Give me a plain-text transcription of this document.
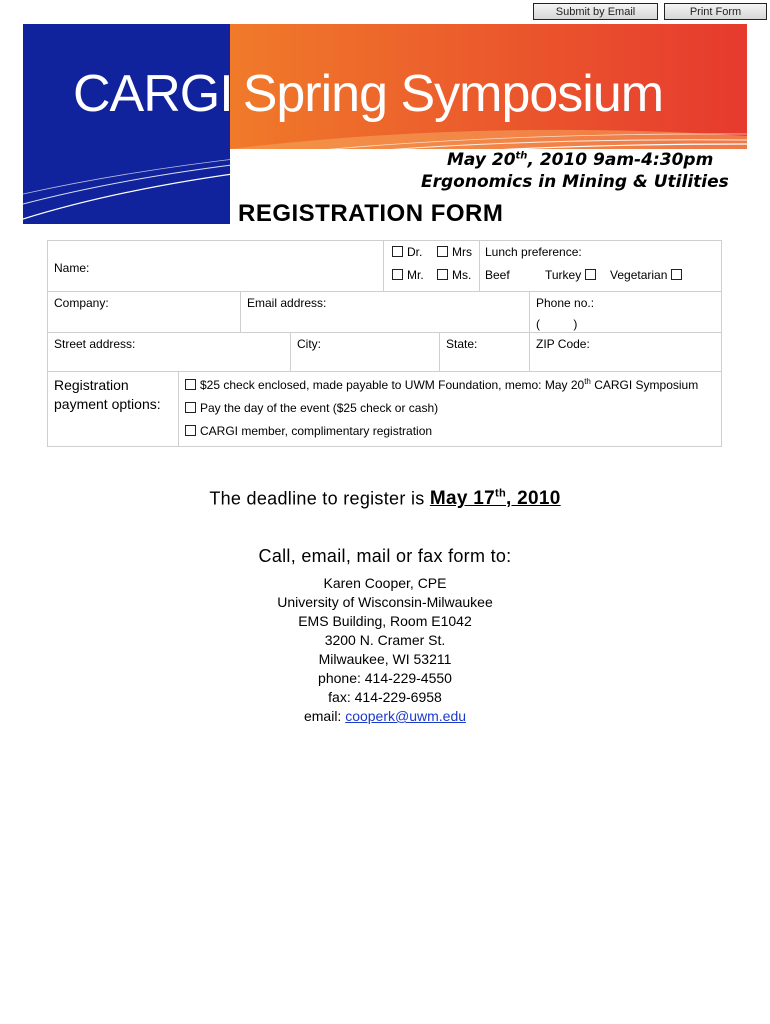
Submit by Email	Print Form
CARGI Spring Symposium
May 20th, 2010 9am-4:30pm
Ergonomics in Mining & Utilities
REGISTRATION FORM
Name:
Dr.	Mrs
Mr.	Ms.
Lunch preference:
Beef	Turkey	Vegetarian
Company:	Email address:	Phone no.:
(          )
Street address:	City:	State:	ZIP Code:
Registration
payment options:
$25 check enclosed, made payable to UWM Foundation, memo: May 20th CARGI Symposium
Pay the day of the event ($25 check or cash)
CARGI member, complimentary registration
The deadline to register is May 17th, 2010
Call, email, mail or fax form to:
Karen Cooper, CPE
University of Wisconsin-Milwaukee
EMS Building, Room E1042
3200 N. Cramer St.
Milwaukee, WI 53211
phone: 414-229-4550
fax: 414-229-6958
email: cooperk@uwm.edu
